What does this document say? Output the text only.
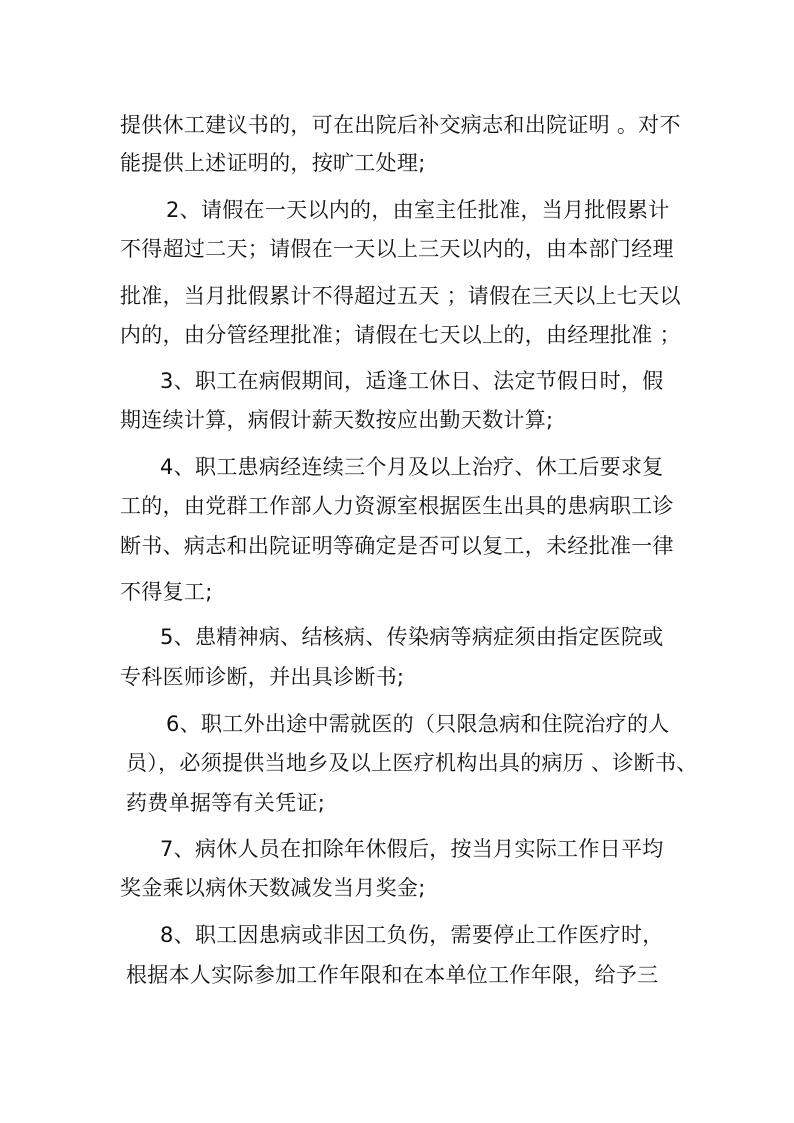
提供休工建议书的，可在出院后补交病志和出院证明 。对不
能提供上述证明的，按旷工处理;
2、请假在一天以内的，由室主任批准，当月批假累计
不得超过二天；请假在一天以上三天以内的，由本部门经理
批准，当月批假累计不得超过五天 ；请假在三天以上七天以
内的，由分管经理批准；请假在七天以上的，由经理批准 ；
3、职工在病假期间，适逢工休日、法定节假日时，假
期连续计算，病假计薪天数按应出勤天数计算;
4、职工患病经连续三个月及以上治疗、休工后要求复
工的，由党群工作部人力资源室根据医生出具的患病职工诊
断书、病志和出院证明等确定是否可以复工，未经批准一律
不得复工;
5、患精神病、结核病、传染病等病症须由指定医院或
专科医师诊断，并出具诊断书;
6、职工外出途中需就医的（只限急病和住院治疗的人
员），必须提供当地乡及以上医疗机构出具的病历 、诊断书、
药费单据等有关凭证;
7、病休人员在扣除年休假后，按当月实际工作日平均
奖金乘以病休天数减发当月奖金;
8、职工因患病或非因工负伤，需要停止工作医疗时，
根据本人实际参加工作年限和在本单位工作年限，给予三
